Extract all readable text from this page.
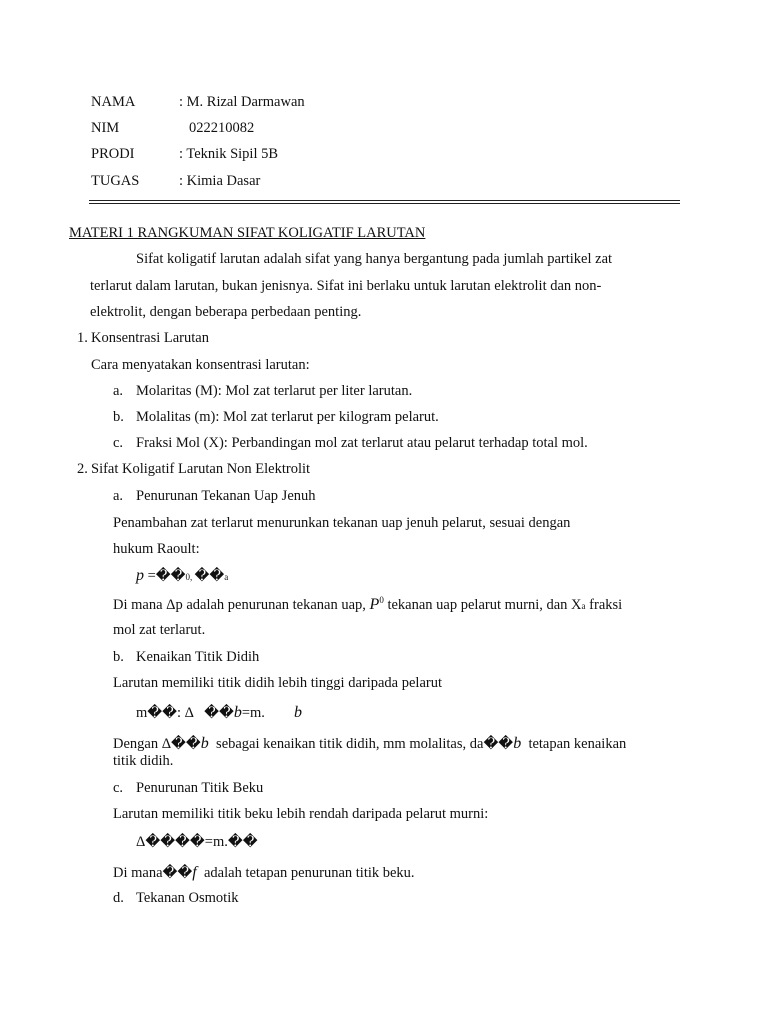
NAMA	: M. Rizal Darmawan
NIM	022210082
PRODI	: Teknik Sipil 5B
TUGAS	: Kimia Dasar
MATERI 1 RANGKUMAN SIFAT KOLIGATIF LARUTAN
Sifat koligatif larutan adalah sifat yang hanya bergantung pada jumlah partikel zat
terlarut dalam larutan, bukan jenisnya. Sifat ini berlaku untuk larutan elektrolit dan non-
elektrolit, dengan beberapa perbedaan penting.
1. Konsentrasi Larutan
Cara menyatakan konsentrasi larutan:
a. Molaritas (M): Mol zat terlarut per liter larutan.
b. Molalitas (m): Mol zat terlarut per kilogram pelarut.
c. Fraksi Mol (X): Perbandingan mol zat terlarut atau pelarut terhadap total mol.
2. Sifat Koligatif Larutan Non Elektrolit
a. Penurunan Tekanan Uap Jenuh
Penambahan zat terlarut menurunkan tekanan uap jenuh pelarut, sesuai dengan
hukum Raoult:
p =��0, ��a
Di mana Δp adalah penurunan tekanan uap, $P^0$ tekanan uap pelarut murni, dan Xa fraksi
mol zat terlarut.
b. Kenaikan Titik Didih
Larutan memiliki titik didih lebih tinggi daripada pelarut
m��: Δ   ��b=m. b
Dengan Δ��b  sebagai kenaikan titik didih, mm molalitas, da��b  tetapan kenaikan
titik didih.
c. Penurunan Titik Beku
Larutan memiliki titik beku lebih rendah daripada pelarut murni:
Δ����=m.��
Di mana��f  adalah tetapan penurunan titik beku.
d. Tekanan Osmotik
